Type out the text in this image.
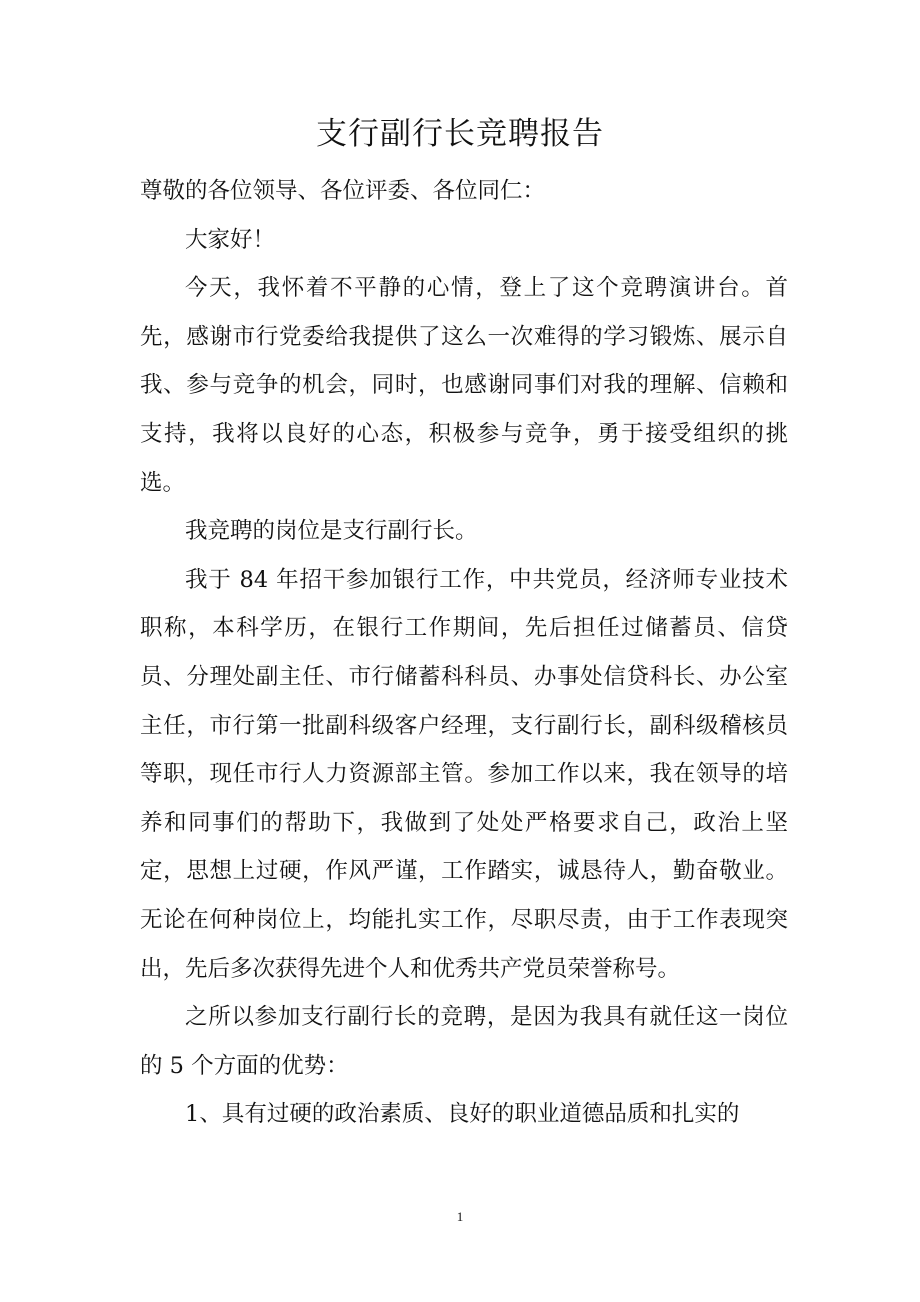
支行副行长竞聘报告

尊敬的各位领导、各位评委、各位同仁：

大家好！

今天，我怀着不平静的心情，登上了这个竞聘演讲台。首先，感谢市行党委给我提供了这么一次难得的学习锻炼、展示自我、参与竞争的机会，同时，也感谢同事们对我的理解、信赖和支持，我将以良好的心态，积极参与竞争，勇于接受组织的挑选。

我竞聘的岗位是支行副行长。

我于 84 年招干参加银行工作，中共党员，经济师专业技术职称，本科学历，在银行工作期间，先后担任过储蓄员、信贷员、分理处副主任、市行储蓄科科员、办事处信贷科长、办公室主任，市行第一批副科级客户经理，支行副行长，副科级稽核员等职，现任市行人力资源部主管。参加工作以来，我在领导的培养和同事们的帮助下，我做到了处处严格要求自己，政治上坚定，思想上过硬，作风严谨，工作踏实，诚恳待人，勤奋敬业。无论在何种岗位上，均能扎实工作，尽职尽责，由于工作表现突出，先后多次获得先进个人和优秀共产党员荣誉称号。

之所以参加支行副行长的竞聘，是因为我具有就任这一岗位的 5 个方面的优势：

1、具有过硬的政治素质、良好的职业道德品质和扎实的

1
